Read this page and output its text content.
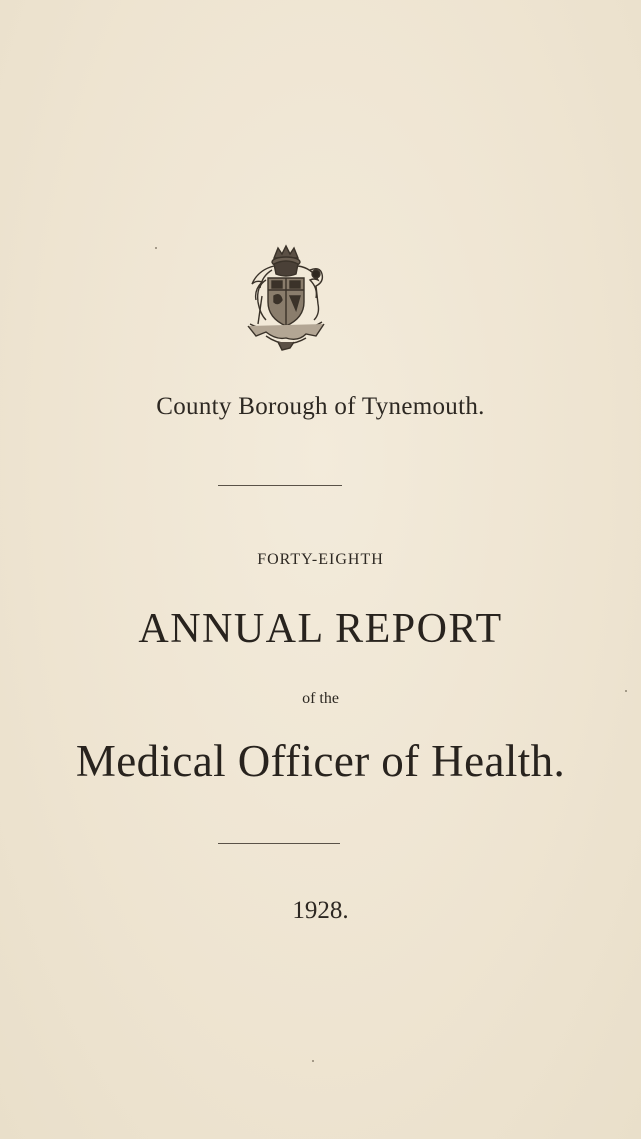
County Borough of Tynemouth.
FORTY-EIGHTH
ANNUAL REPORT
of the
Medical Officer of Health.
1928.
